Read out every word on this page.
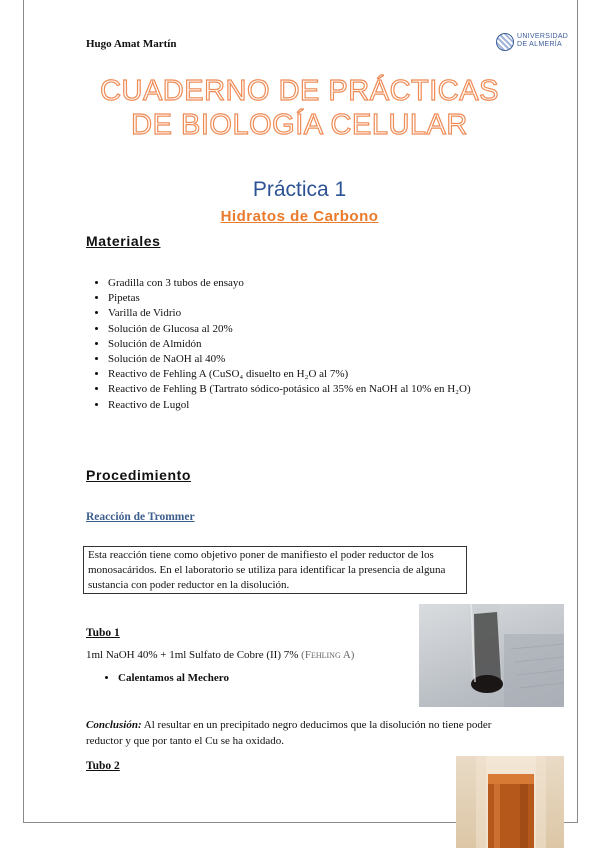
Hugo Amat Martín
UNIVERSIDAD
DE ALMERÍA
CUADERNO DE PRÁCTICAS
DE BIOLOGÍA CELULAR
Práctica 1
Hidratos de Carbono
Materiales
• Gradilla con 3 tubos de ensayo
• Pipetas
• Varilla de Vidrio
• Solución de Glucosa al 20%
• Solución de Almidón
• Solución de NaOH al 40%
• Reactivo de Fehling A (CuSO₄ disuelto en H₂O al 7%)
• Reactivo de Fehling B (Tartrato sódico-potásico al 35% en NaOH al 10% en H₂O)
• Reactivo de Lugol
Procedimiento
Reacción de Trommer
Esta reacción tiene como objetivo poner de manifiesto el poder reductor de los monosacáridos. En el laboratorio se utiliza para identificar la presencia de alguna sustancia con poder reductor en la disolución.
Tubo 1
1ml NaOH 40% + 1ml Sulfato de Cobre (II) 7% (Fehling A)
• Calentamos al Mechero
Conclusión: Al resultar en un precipitado negro deducimos que la disolución no tiene poder reductor y que por tanto el Cu se ha oxidado.
Tubo 2
